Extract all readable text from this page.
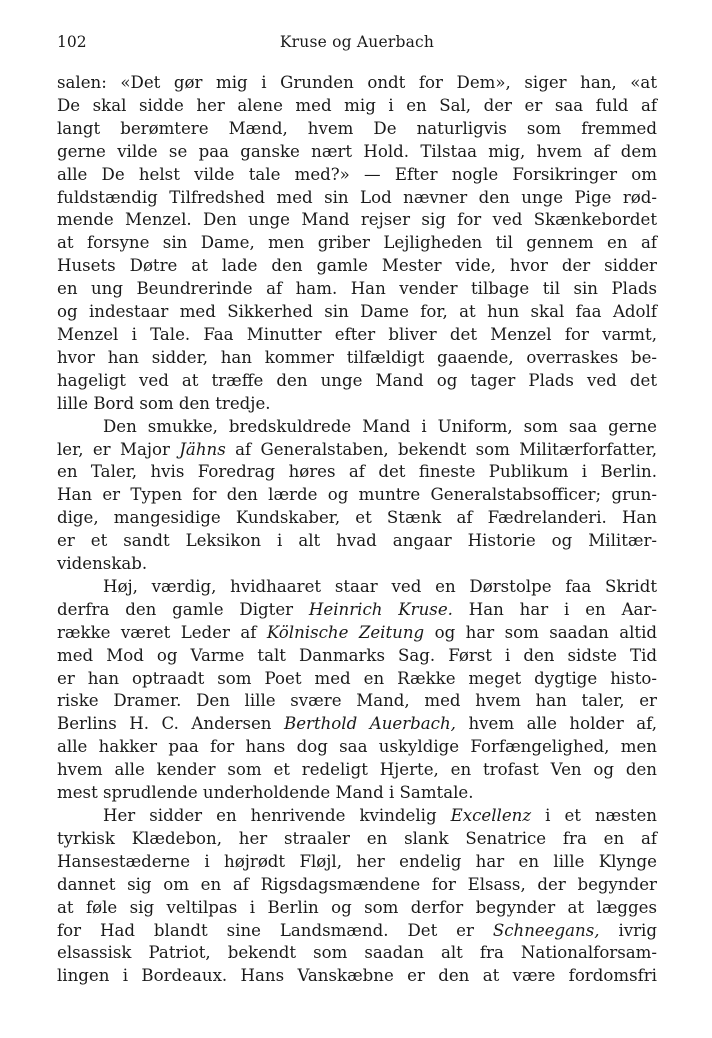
102	Kruse og Auerbach
salen: «Det gør mig i Grunden ondt for Dem», siger han, «at
De skal sidde her alene med mig i en Sal, der er saa fuld af
langt berømtere Mænd, hvem De naturligvis som fremmed
gerne vilde se paa ganske nært Hold. Tilstaa mig, hvem af dem
alle De helst vilde tale med?» — Efter nogle Forsikringer om
fuldstændig Tilfredshed med sin Lod nævner den unge Pige rød-
mende Menzel. Den unge Mand rejser sig for ved Skænkebordet
at forsyne sin Dame, men griber Lejligheden til gennem en af
Husets Døtre at lade den gamle Mester vide, hvor der sidder
en ung Beundrerinde af ham. Han vender tilbage til sin Plads
og indestaar med Sikkerhed sin Dame for, at hun skal faa Adolf
Menzel i Tale. Faa Minutter efter bliver det Menzel for varmt,
hvor han sidder, han kommer tilfældigt gaaende, overraskes be-
hageligt ved at træffe den unge Mand og tager Plads ved det
lille Bord som den tredje.
Den smukke, bredskuldrede Mand i Uniform, som saa gerne
ler, er Major Jähns af Generalstaben, bekendt som Militærforfatter,
en Taler, hvis Foredrag høres af det fineste Publikum i Berlin.
Han er Typen for den lærde og muntre Generalstabsofficer; grun-
dige, mangesidige Kundskaber, et Stænk af Fædrelanderi. Han
er et sandt Leksikon i alt hvad angaar Historie og Militær-
videnskab.
Høj, værdig, hvidhaaret staar ved en Dørstolpe faa Skridt
derfra den gamle Digter Heinrich Kruse. Han har i en Aar-
række været Leder af Kölnische Zeitung og har som saadan altid
med Mod og Varme talt Danmarks Sag. Først i den sidste Tid
er han optraadt som Poet med en Række meget dygtige histo-
riske Dramer. Den lille svære Mand, med hvem han taler, er
Berlins H. C. Andersen Berthold Auerbach, hvem alle holder af,
alle hakker paa for hans dog saa uskyldige Forfængelighed, men
hvem alle kender som et redeligt Hjerte, en trofast Ven og den
mest sprudlende underholdende Mand i Samtale.
Her sidder en henrivende kvindelig Excellenz i et næsten
tyrkisk Klædebon, her straaler en slank Senatrice fra en af
Hansestæderne i højrødt Fløjl, her endelig har en lille Klynge
dannet sig om en af Rigsdagsmændene for Elsass, der begynder
at føle sig veltilpas i Berlin og som derfor begynder at lægges
for Had blandt sine Landsmænd. Det er Schneegans, ivrig
elsassisk Patriot, bekendt som saadan alt fra Nationalforsam-
lingen i Bordeaux. Hans Vanskæbne er den at være fordomsfri
